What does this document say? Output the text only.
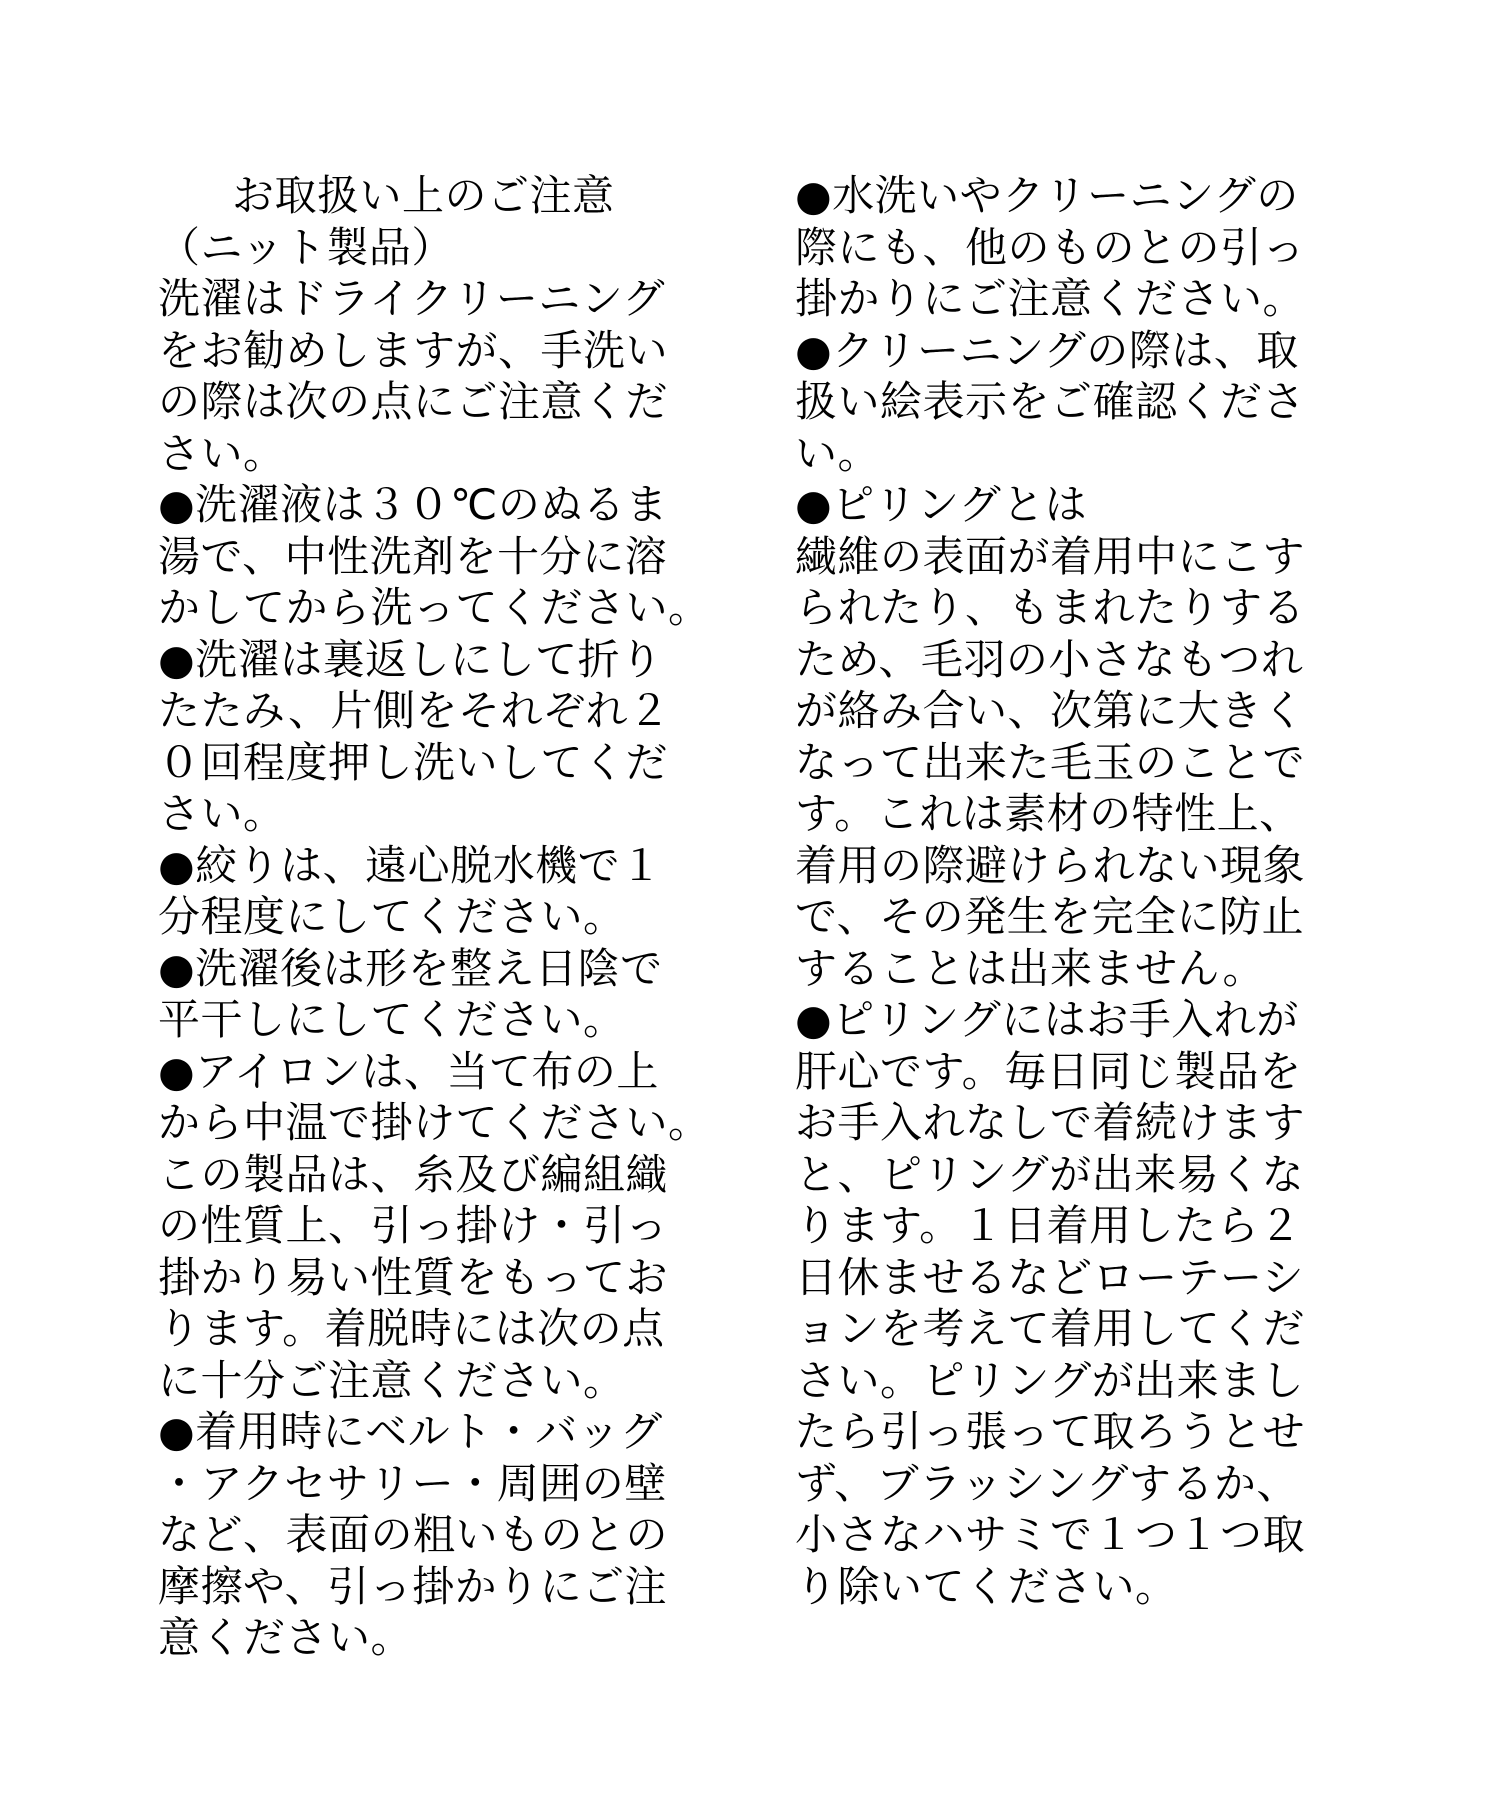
お取扱い上のご注意
（ニット製品）
洗濯はドライクリーニング
をお勧めしますが、手洗い
の際は次の点にご注意くだ
さい。
●洗濯液は３０℃のぬるま
湯で、中性洗剤を十分に溶
かしてから洗ってください。
●洗濯は裏返しにして折り
たたみ、片側をそれぞれ２
０回程度押し洗いしてくだ
さい。
●絞りは、遠心脱水機で１
分程度にしてください。
●洗濯後は形を整え日陰で
平干しにしてください。
●アイロンは、当て布の上
から中温で掛けてください。
この製品は、糸及び編組織
の性質上、引っ掛け・引っ
掛かり易い性質をもってお
ります。着脱時には次の点
に十分ご注意ください。
●着用時にベルト・バッグ
・アクセサリー・周囲の壁
など、表面の粗いものとの
摩擦や、引っ掛かりにご注
意ください。
●水洗いやクリーニングの
際にも、他のものとの引っ
掛かりにご注意ください。
●クリーニングの際は、取
扱い絵表示をご確認くださ
い。
●ピリングとは
繊維の表面が着用中にこす
られたり、もまれたりする
ため、毛羽の小さなもつれ
が絡み合い、次第に大きく
なって出来た毛玉のことで
す。これは素材の特性上、
着用の際避けられない現象
で、その発生を完全に防止
することは出来ません。
●ピリングにはお手入れが
肝心です。毎日同じ製品を
お手入れなしで着続けます
と、ピリングが出来易くな
ります。１日着用したら２
日休ませるなどローテーシ
ョンを考えて着用してくだ
さい。ピリングが出来まし
たら引っ張って取ろうとせ
ず、ブラッシングするか、
小さなハサミで１つ１つ取
り除いてください。
